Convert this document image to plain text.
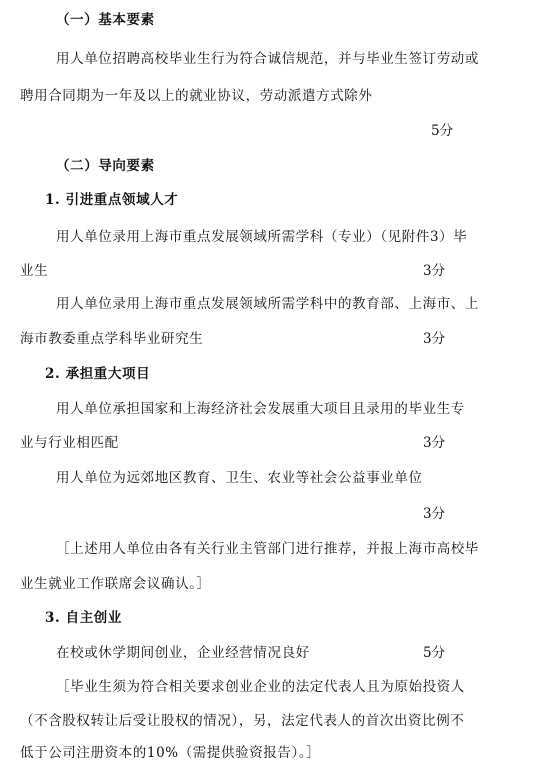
（一）基本要素
用人单位招聘高校毕业生行为符合诚信规范，并与毕业生签订劳动或
聘用合同期为一年及以上的就业协议，劳动派遣方式除外
5分
（二）导向要素
1. 引进重点领域人才
用人单位录用上海市重点发展领域所需学科（专业）（见附件3）毕
业生	3分
用人单位录用上海市重点发展领域所需学科中的教育部、上海市、上
海市教委重点学科毕业研究生	3分
2. 承担重大项目
用人单位承担国家和上海经济社会发展重大项目且录用的毕业生专
业与行业相匹配	3分
用人单位为远郊地区教育、卫生、农业等社会公益事业单位
3分
［上述用人单位由各有关行业主管部门进行推荐，并报上海市高校毕
业生就业工作联席会议确认。］
3. 自主创业
在校或休学期间创业，企业经营情况良好	5分
［毕业生须为符合相关要求创业企业的法定代表人且为原始投资人
（不含股权转让后受让股权的情况），另，法定代表人的首次出资比例不
低于公司注册资本的10%（需提供验资报告）。］
